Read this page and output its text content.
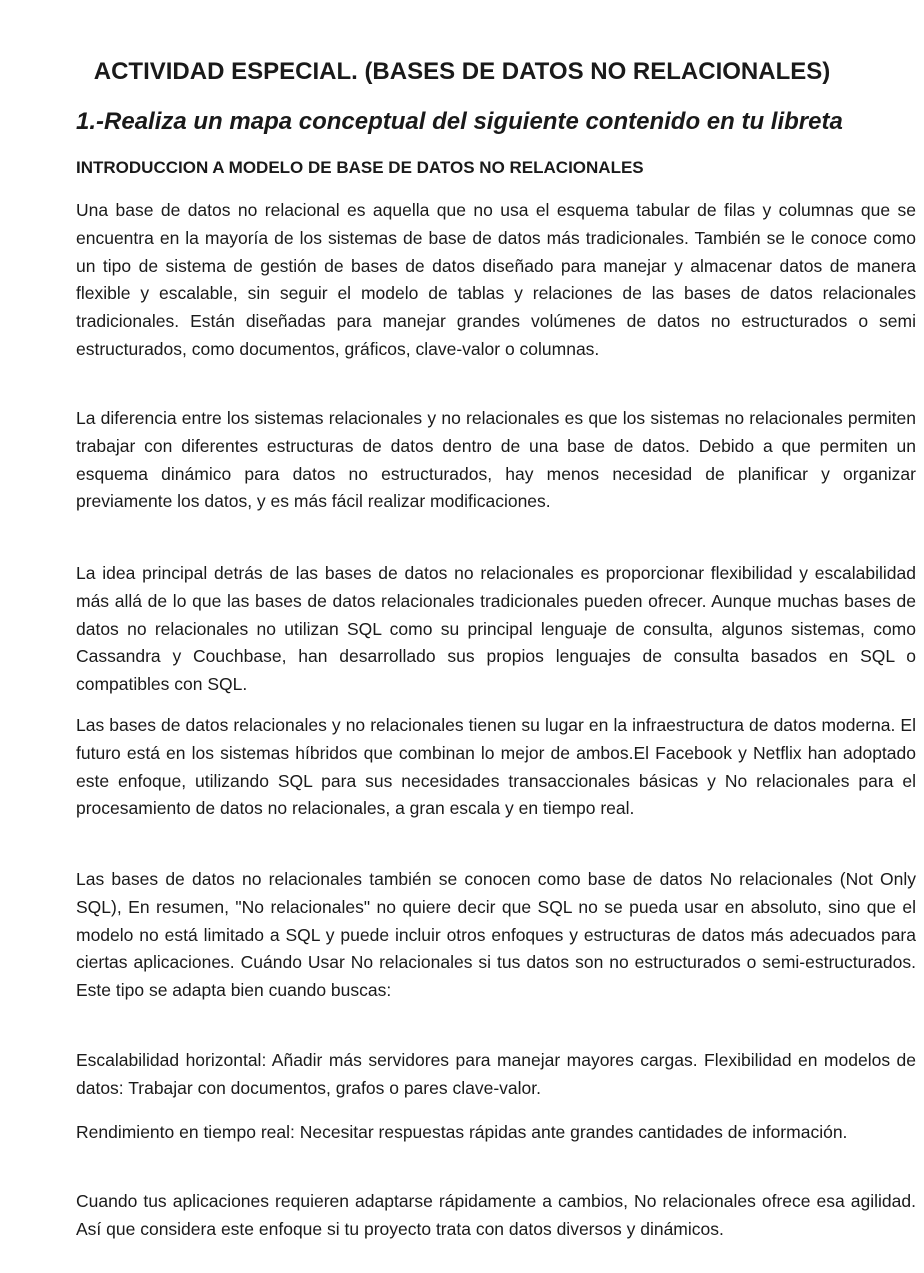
ACTIVIDAD ESPECIAL. (BASES DE DATOS NO RELACIONALES)
1.-Realiza un mapa conceptual del siguiente contenido en tu libreta
INTRODUCCION A MODELO DE BASE DE DATOS NO RELACIONALES

Una base de datos no relacional es aquella que no usa el esquema tabular de filas y columnas que se encuentra en la mayoría de los sistemas de base de datos más tradicionales. También se le conoce como un tipo de sistema de gestión de bases de datos diseñado para manejar y almacenar datos de manera flexible y escalable, sin seguir el modelo de tablas y relaciones de las bases de datos relacionales tradicionales. Están diseñadas para manejar grandes volúmenes de datos no estructurados o semi estructurados, como documentos, gráficos, clave-valor o columnas.

La diferencia entre los sistemas relacionales y no relacionales es que los sistemas no relacionales permiten trabajar con diferentes estructuras de datos dentro de una base de datos. Debido a que permiten un esquema dinámico para datos no estructurados, hay menos necesidad de planificar y organizar previamente los datos, y es más fácil realizar modificaciones.

La idea principal detrás de las bases de datos no relacionales es proporcionar flexibilidad y escalabilidad más allá de lo que las bases de datos relacionales tradicionales pueden ofrecer. Aunque muchas bases de datos no relacionales no utilizan SQL como su principal lenguaje de consulta, algunos sistemas, como Cassandra y Couchbase, han desarrollado sus propios lenguajes de consulta basados en SQL o compatibles con SQL.

Las bases de datos relacionales y no relacionales tienen su lugar en la infraestructura de datos moderna. El futuro está en los sistemas híbridos que combinan lo mejor de ambos.El Facebook y Netflix han adoptado este enfoque, utilizando SQL para sus necesidades transaccionales básicas y No relacionales para el procesamiento de datos no relacionales, a gran escala y en tiempo real.

Las bases de datos no relacionales también se conocen como base de datos No relacionales (Not Only SQL), En resumen, "No relacionales" no quiere decir que SQL no se pueda usar en absoluto, sino que el modelo no está limitado a SQL y puede incluir otros enfoques y estructuras de datos más adecuados para ciertas aplicaciones. Cuándo Usar No relacionales si tus datos son no estructurados o semi-estructurados. Este tipo se adapta bien cuando buscas:

Escalabilidad horizontal: Añadir más servidores para manejar mayores cargas. Flexibilidad en modelos de datos: Trabajar con documentos, grafos o pares clave-valor.

Rendimiento en tiempo real: Necesitar respuestas rápidas ante grandes cantidades de información.

Cuando tus aplicaciones requieren adaptarse rápidamente a cambios, No relacionales ofrece esa agilidad. Así que considera este enfoque si tu proyecto trata con datos diversos y dinámicos.
